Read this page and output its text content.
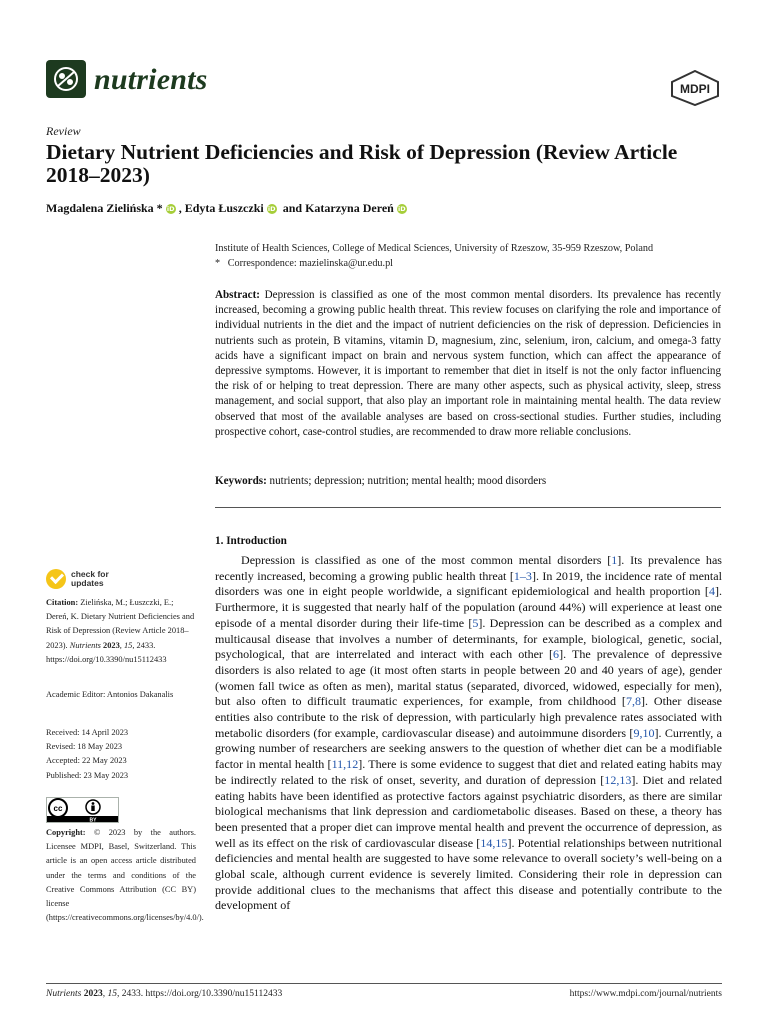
nutrients	MDPI
Review
Dietary Nutrient Deficiencies and Risk of Depression (Review Article 2018–2023)
Magdalena Zielińska * iD , Edyta Łuszczki iD and Katarzyna Dereń iD
Institute of Health Sciences, College of Medical Sciences, University of Rzeszow, 35-959 Rzeszow, Poland
*   Correspondence: mazielinska@ur.edu.pl
Abstract: Depression is classified as one of the most common mental disorders. Its prevalence has recently increased, becoming a growing public health threat. This review focuses on clarifying the role and importance of individual nutrients in the diet and the impact of nutrient deficiencies on the risk of depression. Deficiencies in nutrients such as protein, B vitamins, vitamin D, magnesium, zinc, selenium, iron, calcium, and omega-3 fatty acids have a significant impact on brain and nervous system function, which can affect the appearance of depressive symptoms. However, it is important to remember that diet in itself is not the only factor influencing the risk of or helping to treat depression. There are many other aspects, such as physical activity, sleep, stress management, and social support, that also play an important role in maintaining mental health. The data review observed that most of the available analyses are based on cross-sectional studies. Further studies, including prospective cohort, case-control studies, are recommended to draw more reliable conclusions.
Keywords: nutrients; depression; nutrition; mental health; mood disorders
1. Introduction
Depression is classified as one of the most common mental disorders [1]. Its prevalence has recently increased, becoming a growing public health threat [1–3]. In 2019, the incidence rate of mental disorders was one in eight people worldwide, a significant epidemiological and health proportion [4]. Furthermore, it is suggested that nearly half of the population (around 44%) will experience at least one episode of a mental disorder during their life-time [5]. Depression can be described as a complex and multicausal disease that involves a number of determinants, for example, biological, genetic, social, psychological, that are interrelated and interact with each other [6]. The prevalence of depressive disorders is also related to age (it most often starts in people between 20 and 40 years of age), gender (women fall twice as often as men), marital status (separated, divorced, widowed, especially for men), but also often to difficult traumatic experiences, for example, from childhood [7,8]. Other disease entities also contribute to the risk of depression, with particularly high prevalence rates associated with metabolic disorders (for example, cardiovascular disease) and autoimmune disorders [9,10]. Currently, a growing number of researchers are seeking answers to the question of whether diet can be a modifiable factor in mental health [11,12]. There is some evidence to suggest that diet and related eating habits may be indirectly related to the risk of onset, severity, and duration of depression [12,13]. Diet and related eating habits have been identified as protective factors against psychiatric disorders, as there are similar biological mechanisms that link depression and cardiometabolic diseases. Based on these, a theory has been presented that a proper diet can improve mental health and prevent the occurrence of depression, as well as its effect on the risk of cardiovascular disease [14,15]. Potential relationships between nutritional deficiencies and mental health are suggested to have some relevance to overall society’s well-being on a global scale, although current evidence is severely limited. Considering their role in depression can provide additional clues to the mechanisms that affect this disease and potentially contribute to the development of
check for
updates
Citation: Zielińska, M.; Łuszczki, E.; Dereń, K. Dietary Nutrient Deficiencies and Risk of Depression (Review Article 2018–2023). Nutrients 2023, 15, 2433. https://doi.org/10.3390/nu15112433
Academic Editor: Antonios Dakanalis
Received: 14 April 2023
Revised: 18 May 2023
Accepted: 22 May 2023
Published: 23 May 2023
cc
BY
Copyright: © 2023 by the authors. Licensee MDPI, Basel, Switzerland. This article is an open access article distributed under the terms and conditions of the Creative Commons Attribution (CC BY) license (https://creativecommons.org/licenses/by/4.0/).
Nutrients 2023, 15, 2433. https://doi.org/10.3390/nu15112433	https://www.mdpi.com/journal/nutrients
